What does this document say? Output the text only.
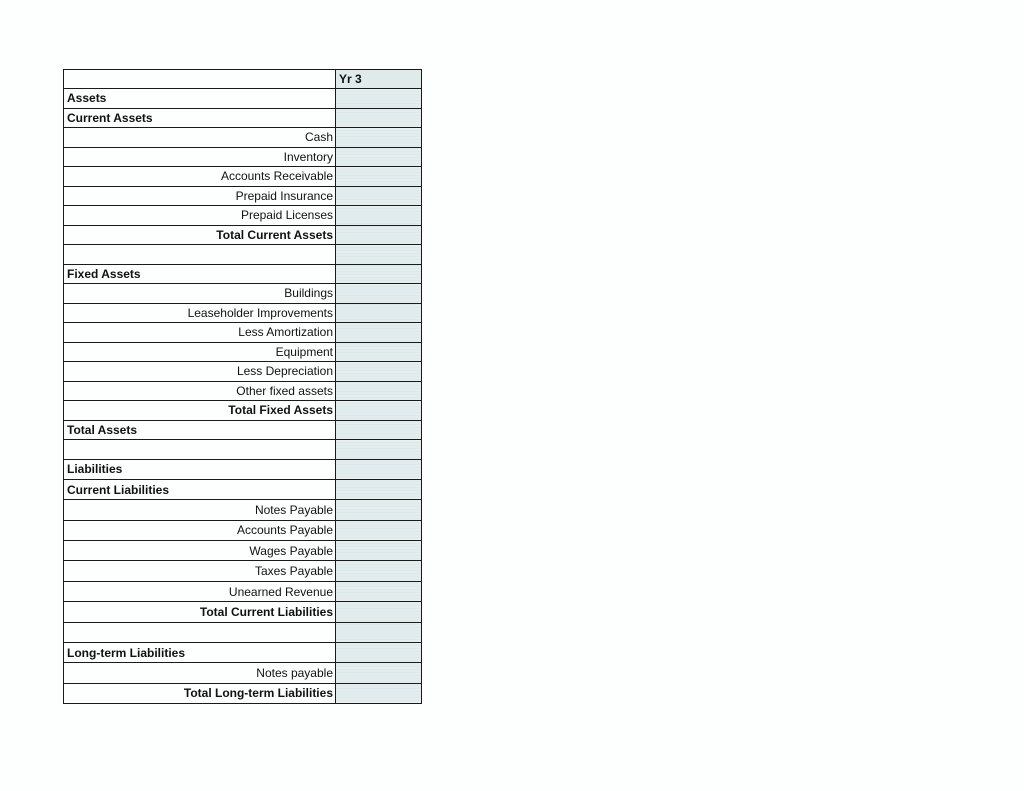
	Yr 3
Assets	
Current Assets	
Cash	
Inventory	
Accounts Receivable	
Prepaid Insurance	
Prepaid Licenses	
Total Current Assets	

Fixed Assets	
Buildings	
Leaseholder Improvements	
Less Amortization	
Equipment	
Less Depreciation	
Other fixed assets	
Total Fixed Assets	
Total Assets	

Liabilities	
Current Liabilities	
Notes Payable	
Accounts Payable	
Wages Payable	
Taxes Payable	
Unearned Revenue	
Total Current Liabilities	

Long-term Liabilities	
Notes payable	
Total Long-term Liabilities	
